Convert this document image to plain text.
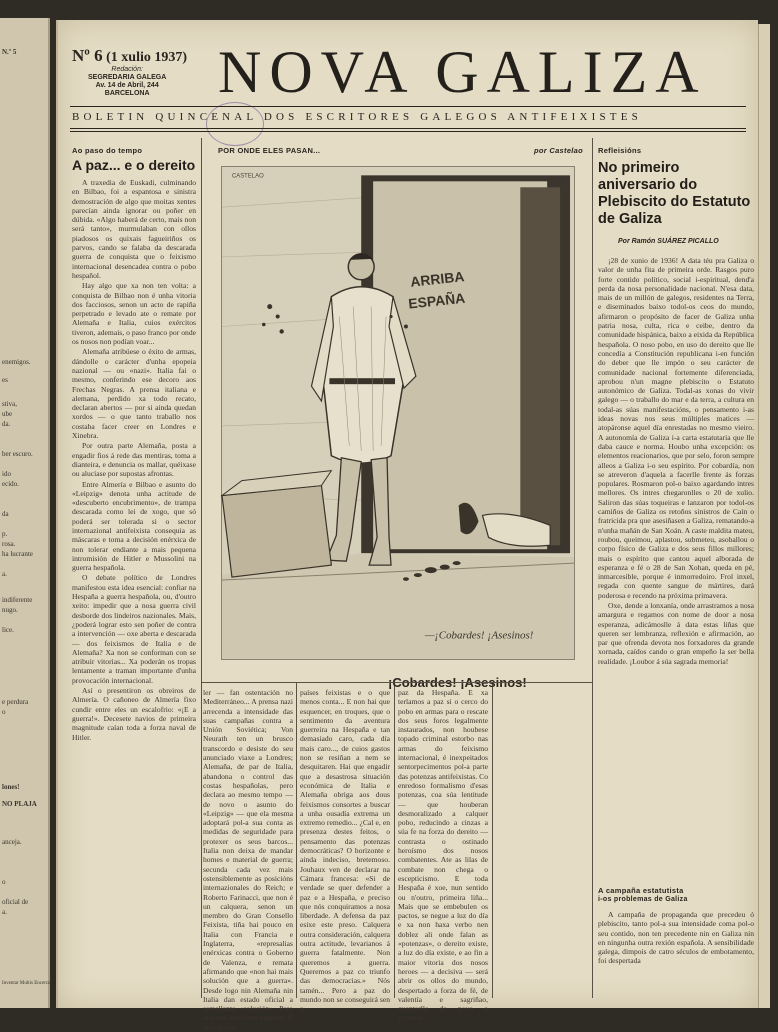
N.º 5
enemigos.
es
stiva,
ube
da.
ber escuro.
ido
ecido.
da
p.
rosa.
ha lucrante
a.
indiferente
nugo.
lice.
e perdura
o
lones!
NO PLAJA
anceja.
o
oficial de
a.
Inventar Multis Encerrar
Nº 6 (1 xulio 1937)
Redación:
SEGREDARIA GALEGA
Av. 14 de Abril, 244
BARCELONA NOVA GALIZA
BOLETIN QUINCENAL DOS ESCRITORES GALEGOS ANTIFEIXISTES
Ao paso do tempo
A paz... e o dereito

A traxedia de Euskadi, culminando en Bilbao, foi a espantosa e sinistra demostración de algo que moitas xentes parecían ainda ignorar ou poñer en dúbida. «Algo haberá de certo, mais non será tanto», murmulaban con ollos piadosos os quixais fagueiriños os parvos, cando se falaba da descarada guerra de conquista que o feixismo internacional desencadea contra o pobo hespañol.

Hay algo que xa non ten volta: a conquista de Bilbao non é unha vitoria dos facciosos, senon un acto de rapiña perpetrado e levado ate o remate por Alemaña e Italia, cuios exércitos tiveron, ademais, o paso franco por onde os nosos non podían voar...

Alemaña atribúese o éxito de armas, dándolle o carácter d'unha epopeia nazional — ou «nazi». Italia fai o mesmo, conferindo ese decoro aos Frechas Negras. A prensa italiana e alemana, perdido xa todo recato, declaran abertos — por si ainda quedan xordos — o que tanto traballo nos costaba facer creer en Londres e Xinebra.

Por outra parte Alemaña, posta a engadir fios á rede das mentiras, toma a dianteira, e denuncia os mallar, quéixase ou aluciase por supostas afrontas.

Entre Almería e Bilbao e asunto do «Leipzig» denota unha actitude de «descuberto encubrimento», de trampa descarada como lei de xogo, que só poderá ser tolerada si o sector internazional antifeixista consequia as máscaras e toma a decisión enérxica de non tolerar endiante a mais pequena intromisión de Hitler e Mussolini na guerra hespañola.

O debate político de Londres manifestou esta idea esencial: confiar na Hespaña a guerra hespañola, ou, d'outro xeito: impedir que a nosa guerra civil desborde dos lindeiros nazionales. Mais, ¿poderá lograr esto sen poñer de contra a intervención — oxe aberta e descarada — dos feixismos de Italia e de Alemaña? Xa non se conforman con se atribuir vitorias... Xa poderán os tropas lentamente a traman importante d'unha provocación internacional.

Así o presentiron os obreiros de Almería. O cañoneo de Almería fixo cundir entre eles un escalofrio: «¡E a guerra!». Decesete navios de primeira magnitude caían toda a forza naval de Hitler.

POR ONDE ELES PASAN...	por Castelao
CASTELAO
ARRIBA
ESPAÑA
—¡Cobardes! ¡Asesinos!
¡Cobardes! ¡Asesinos!

ler — fan ostentación no Mediterráneo... A prensa nazi arrecenda a intensidade das suas campañas contra a Unión Soviética; Von Neurath ten un brusco transcordo e desiste do seu anunciado viaxe a Londres; Alemaña, de par de Italia, abandona o control das costas hespañolas, pero declara ao mesmo tempo — de novo o asunto do «Leipzig» — que ela mesma adoptará pol-a sua conta as medidas de seguridade para protexer os seus barcos... Italia non deixa de mandar homes e material de guerra; secunda cada vez mais ostensiblemente as posicións internazionales do Reich; e Roberto Farinacci, que non é un calquera, senon un membro do Gran Consello Feixista, tiña hai pouco en Italia con Francia e Inglaterra, «represalias enérxicas contra o Goberno de Valenza, e remata afirmando que «non hai mais solución que a guerra». Desde logo nin Alemaña nin Italia dan estado oficial a semellante «solución». Pero non nos deixemos enganar. O oficial nos

países feixistas e o que menos conta... E non hai que esquencer, en troques, que o sentimento da aventura guerreira na Hespaña e tan demasiado caro, cada día mais caro..., de cuios gastos non se resiñan a nem se desquitaren. Hai que engadir que a desastrosa situación económica de Italia e Alemaña obriga aos dous feixismos consortes a buscar a unha ousadía extrema un extremo remedio... ¿Cal e, en presenza destes feitos, o pensamento das potenzas democráticas? O horizonte e ainda indeciso, bretemoso. Jouhaux ven de declarar na Cámara francesa: «Si de verdade se quer defender a paz e a Hespaña, e preciso que nós conquiramos a nosa liberdade. A defensa da paz esixe este preso. Calquera outra consideración, calquera outra actitude, levarianos á guerra fatalmente. Non queremos a guerra. Queremos a paz co triunfo das democracias.» Nós tamén... Pero a paz do mundo non se conseguirá sen a

paz da Hespaña. E xa terlamos a paz si o cerco do pobo en armas para o rescate dos seus foros legalmente instaurados, non houbese topado criminal estorbo nas armas do feixismo internacional, é inexpeitados sentorpecimentos pol-a parte das potenzas antifeixistas. Co enredoso formalismo d'esas potenzas, coa súa lentitude — que houberan desmoralizado a calquer pobo, reducindo a cinzas a súa fe na forza do dereito — contrasta o ostinado heroísmo dos nosos combatentes. Ate as lilas de combate non chega o escepticismo. E toda Hespaña é xoe, nun sentido ou n'outro, primeira liña... Mais que se embebulen os pactos, se negue a luz do día e xa non haxa verbo nen doblez ali onde falan as «potenzas», o dereito existe, a luz do día existe, e ao fin a maior vitoria dos nosos heroes — a decisiva — será abrir os ollos do mundo, despertado a forza de fé, de valentía e sagriñao, quentarlle de novo o corazón...

Refleisións
Nο primeiro aniversario do Plebiscito do Estatuto de Galiza
Por Ramón SUÁREZ PICALLO

¡28 de xunio de 1936! A data téu pra Galiza o valor de unha fita de primeira orde. Rasgos puro forte contido político, social i-espiritual, dend'a perda da nosa personalidade nacional. N'esa data, mais de un millón de galegos, residentes na Terra, e diseminados baixo todol-os ceos do mundo, afirmaron o propósito de facer de Galiza unha patria nosa, culta, rica e ceibe, dentro da comunidade hispánica, baixo a eixida da República hespañola. O noso pobo, en uso do dereito que lle concedía a Constitución republicana i-en función do deber que lle impón o seu carácter de comunidade nacional fortemente diferenciada, aprobou n'un magne plebiscito o Estatuto autonómico de Galiza. Todal-as xonas do vivir galego — o traballo do mar e da terra, a cultura en todal-as súas manifestacións, o pensamento i-as ideas novas nos seus múltiples matices — atopáronse aquel día enrestadas no mesmo vieiro. A autonomía de Galiza i-a carta estatutaria que lle daba cauce e norma. Houbo unha excepción: os elementos reacionarios, que por selo, foron sempre alleos a Galiza i-o seu espírito. Por cobardía, non se atreveron d'aquela a facerlle frente ás forzas populares. Rosmaron pol-o baixo agardando intres mellores. Os intres chegaronlles o 20 de xulio. Saliron das súas toqueiras e lanzaron por todol-os camiños de Galiza os retoños sinistros de Caín o fratricida pra que asesiñasen a Galiza, rematando-a n'unha mañán de San Xoán. A caste maldita mateu, roubou, queimou, aplastou, submeteu, asoballou o corpo físico de Galiza e dos seus fillos millores; mais o espírito que cantou aquel alborada de esperanza e fé o 28 de San Xohan, queda en pé, inmarcesible, porque é inmorredoiro. Frol inxel, regada con quente sangue de mártires, dará poderosa e recendo na próxima primavera.

Oxe, dende a lonxanía, onde arrastramos a nosa amargura e regamos con nome de door a nosa esperanza, adicámoslle á data estas liñas que queren ser lembranza, reflexión e afirmación, ao par que ofrenda devota nos forxadores da grande xornada, caídos cando o gran empeño la ser bella realidade. ¡Loubor á súa sagrada memoria!

A campaña estatutista
i-os problemas de Galiza

A campaña de propaganda que precedeu ó plebiscito, tanto pol-a sua intensidade coma pol-o seu contido, non ten precedente nin en Galiza nin en ningunha outra rexión española. A sensibilidade galega, dimpois de catro séculos de embotamento, foi despertada
